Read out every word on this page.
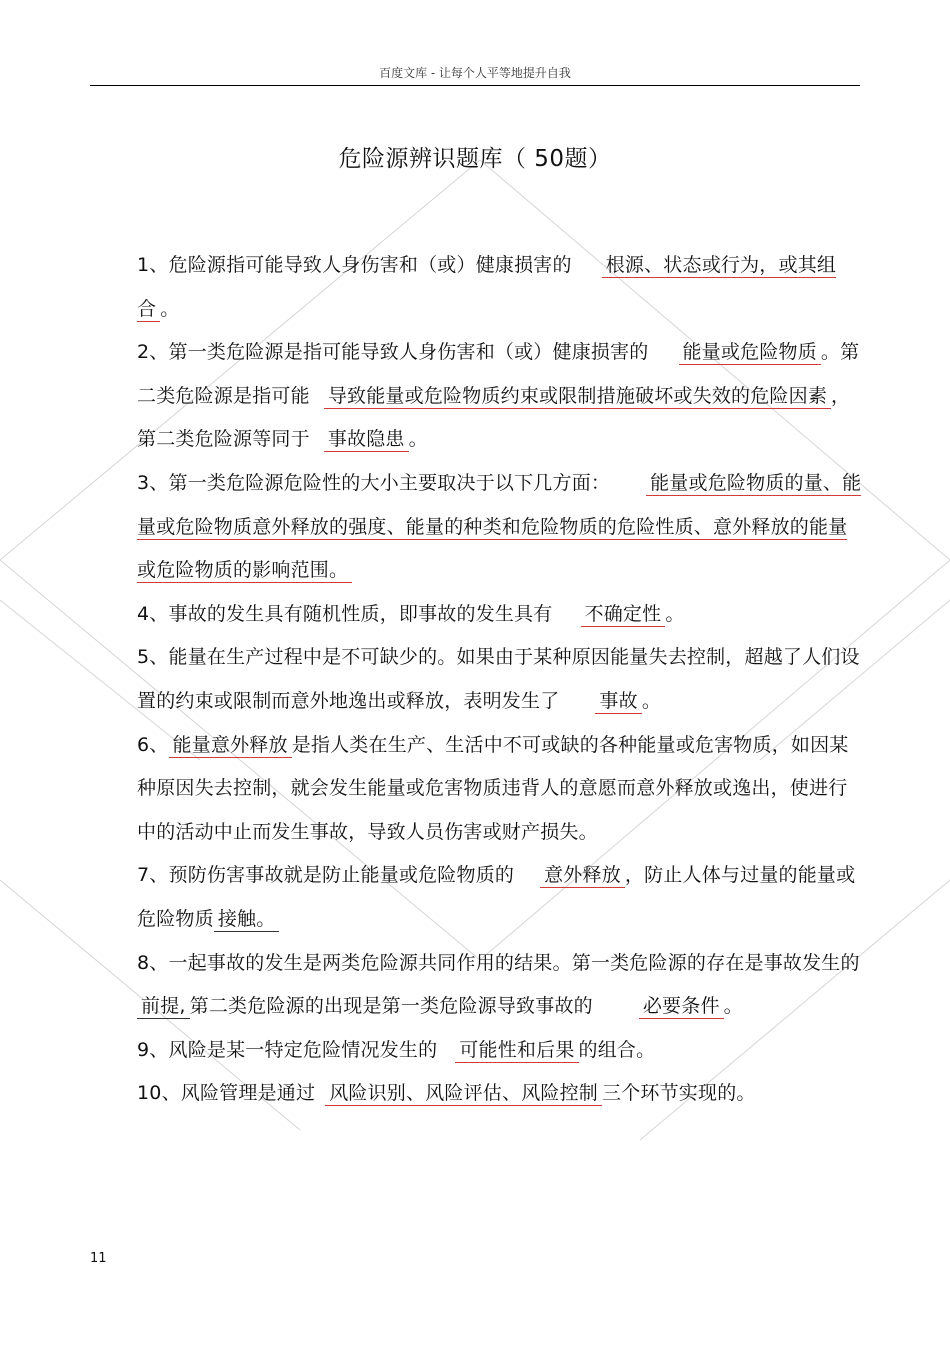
百度文库 - 让每个人平等地提升自我
危险源辨识题库（ 50题）

1、危险源指可能导致人身伤害和（或）健康损害的 根源、状态或行为，或其组合 。

2、第一类危险源是指可能导致人身伤害和（或）健康损害的 能量或危险物质 。第二类危险源是指可能 导致能量或危险物质约束或限制措施破坏或失效的危险因素 ，第二类危险源等同于 事故隐患 。

3、第一类危险源危险性的大小主要取决于以下几方面： 能量或危险物质的量、能量或危险物质意外释放的强度、能量的种类和危险物质的危险性质、意外释放的能量或危险物质的影响范围。

4、事故的发生具有随机性质，即事故的发生具有 不确定性 。

5、能量在生产过程中是不可缺少的。如果由于某种原因能量失去控制，超越了人们设置的约束或限制而意外地逸出或释放，表明发生了 事故 。

6、 能量意外释放 是指人类在生产、生活中不可或缺的各种能量或危害物质，如因某种原因失去控制，就会发生能量或危害物质违背人的意愿而意外释放或逸出，使进行中的活动中止而发生事故，导致人员伤害或财产损失。

7、预防伤害事故就是防止能量或危险物质的 意外释放 ，防止人体与过量的能量或危险物质 接触。

8、一起事故的发生是两类危险源共同作用的结果。第一类危险源的存在是事故发生的前提, 第二类危险源的出现是第一类危险源导致事故的	必要条件 。

9、风险是某一特定危险情况发生的 可能性和后果 的组合。

10、风险管理是通过 风险识别、风险评估、风险控制 三个环节实现的。

11
